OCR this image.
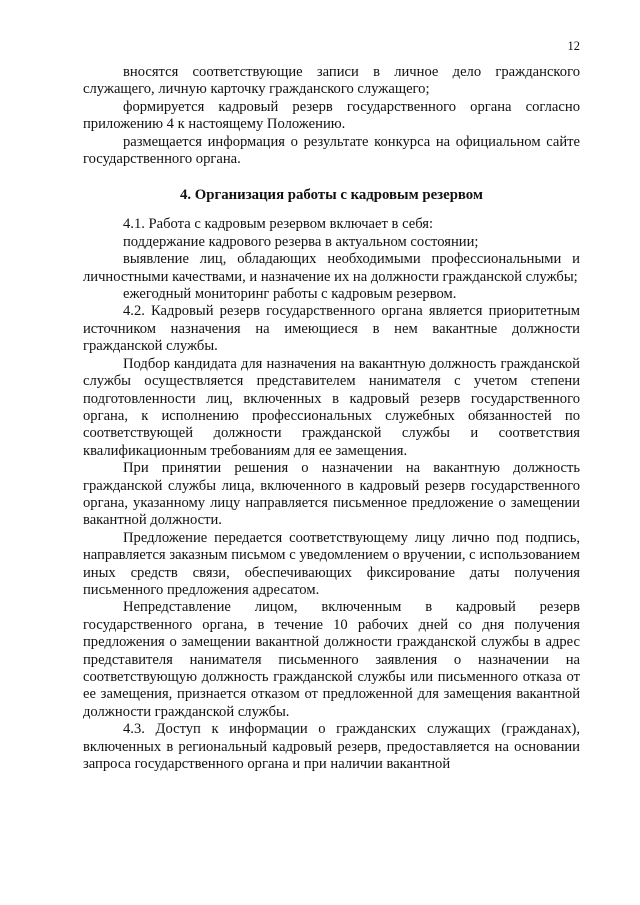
12

вносятся соответствующие записи в личное дело гражданского служащего, личную карточку гражданского служащего;

формируется кадровый резерв государственного органа согласно приложению 4 к настоящему Положению.

размещается информация о результате конкурса на официальном сайте государственного органа.

4. Организация работы с кадровым резервом

4.1. Работа с кадровым резервом включает в себя:

поддержание кадрового резерва в актуальном состоянии;

выявление лиц, обладающих необходимыми профессиональными и личностными качествами, и назначение их на должности гражданской службы;

ежегодный мониторинг работы с кадровым резервом.

4.2. Кадровый резерв государственного органа является приоритетным источником назначения на имеющиеся в нем вакантные должности гражданской службы.

Подбор кандидата для назначения на вакантную должность гражданской службы осуществляется представителем нанимателя с учетом степени подготовленности лиц, включенных в кадровый резерв государственного органа, к исполнению профессиональных служебных обязанностей по соответствующей должности гражданской службы и соответствия квалификационным требованиям для ее замещения.

При принятии решения о назначении на вакантную должность гражданской службы лица, включенного в кадровый резерв государственного органа, указанному лицу направляется письменное предложение о замещении вакантной должности.

Предложение передается соответствующему лицу лично под подпись, направляется заказным письмом с уведомлением о вручении, с использованием иных средств связи, обеспечивающих фиксирование даты получения письменного предложения адресатом.

Непредставление лицом, включенным в кадровый резерв государственного органа, в течение 10 рабочих дней со дня получения предложения о замещении вакантной должности гражданской службы в адрес представителя нанимателя письменного заявления о назначении на соответствующую должность гражданской службы или письменного отказа от ее замещения, признается отказом от предложенной для замещения вакантной должности гражданской службы.

4.3. Доступ к информации о гражданских служащих (гражданах), включенных в региональный кадровый резерв, предоставляется на основании запроса государственного органа и при наличии вакантной
